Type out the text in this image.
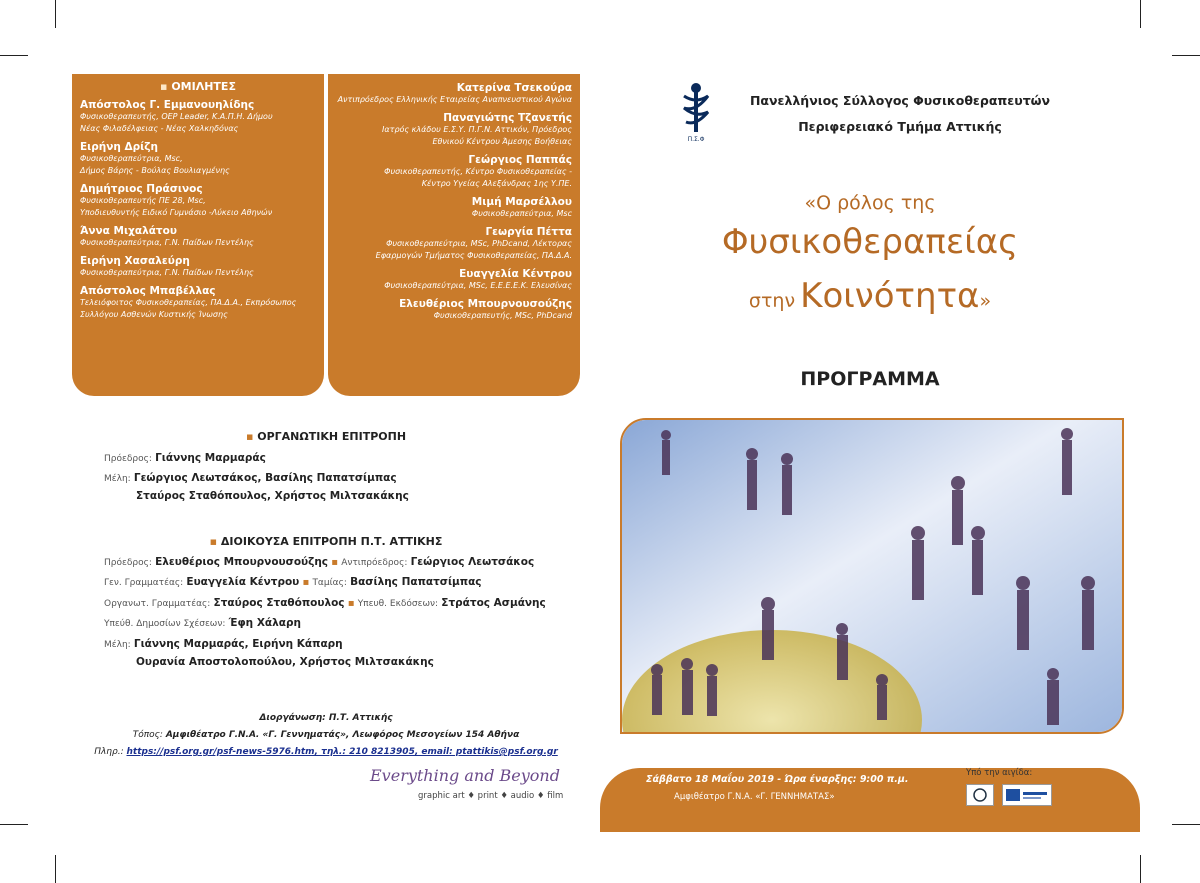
▪ ΟΜΙΛΗΤΕΣ
Απόστολος Γ. Εμμανουηλίδης
Φυσικοθεραπευτής, OEP Leader, Κ.Α.Π.Η. Δήμου
Νέας Φιλαδέλφειας - Νέας Χαλκηδόνας
Ειρήνη Δρίζη
Φυσικοθεραπεύτρια, Msc,
Δήμος Βάρης - Βούλας Βουλιαγμένης
Δημήτριος Πράσινος
Φυσικοθεραπευτής ΠΕ 28, Msc,
Υποδιευθυντής Ειδικό Γυμνάσιο -Λύκειο Αθηνών
Άννα Μιχαλάτου
Φυσικοθεραπεύτρια, Γ.Ν. Παίδων Πεντέλης
Ειρήνη Χασαλεύρη
Φυσικοθεραπεύτρια, Γ.Ν. Παίδων Πεντέλης
Απόστολος Μπαβέλλας
Τελειόφοιτος Φυσικοθεραπείας, ΠΑ.Δ.Α., Εκπρόσωπος
Συλλόγου Ασθενών Κυστικής Ίνωσης
Κατερίνα Τσεκούρα
Αντιπρόεδρος Ελληνικής Εταιρείας Αναπνευστικού Αγώνα
Παναγιώτης Τζανετής
Ιατρός κλάδου Ε.Σ.Υ. Π.Γ.Ν. Αττικόν, Πρόεδρος
Εθνικού Κέντρου Άμεσης Βοήθειας
Γεώργιος Παππάς
Φυσικοθεραπευτής, Κέντρο Φυσικοθεραπείας -
Κέντρο Υγείας Αλεξάνδρας 1ης Υ.ΠΕ.
Μιμή Μαρσέλλου
Φυσικοθεραπεύτρια, Msc
Γεωργία Πέττα
Φυσικοθεραπεύτρια, MSc, PhDcand, Λέκτορας
Εφαρμογών Τμήματος Φυσικοθεραπείας, ΠΑ.Δ.Α.
Ευαγγελία Κέντρου
Φυσικοθεραπεύτρια, MSc, Ε.Ε.Ε.Ε.Κ. Ελευσίνας
Ελευθέριος Μπουρνουσούζης
Φυσικοθεραπευτής, MSc, PhDcand
▪ ΟΡΓΑΝΩΤΙΚΗ ΕΠΙΤΡΟΠΗ
Πρόεδρος: Γιάννης Μαρμαράς
Μέλη: Γεώργιος Λεωτσάκος, Βασίλης Παπατσίμπας
Σταύρος Σταθόπουλος, Χρήστος Μιλτσακάκης
▪ ΔΙΟΙΚΟΥΣΑ ΕΠΙΤΡΟΠΗ Π.Τ. ΑΤΤΙΚΗΣ
Πρόεδρος: Ελευθέριος Μπουρνουσούζης ▪ Αντιπρόεδρος: Γεώργιος Λεωτσάκος
Γεν. Γραμματέας: Ευαγγελία Κέντρου ▪ Ταμίας: Βασίλης Παπατσίμπας
Οργανωτ. Γραμματέας: Σταύρος Σταθόπουλος ▪ Υπευθ. Εκδόσεων: Στράτος Ασμάνης
Υπεύθ. Δημοσίων Σχέσεων: Έφη Χάλαρη
Μέλη: Γιάννης Μαρμαράς, Ειρήνη Κάπαρη
Ουρανία Αποστολοπούλου, Χρήστος Μιλτσακάκης
Διοργάνωση: Π.Τ. Αττικής
Τόπος: Αμφιθέατρο Γ.Ν.Α. «Γ. Γεννηματάς», Λεωφόρος Μεσογείων 154 Αθήνα
Πληρ.: https://psf.org.gr/psf-news-5976.htm, τηλ.: 210 8213905, email: ptattikis@psf.org.gr
Everything and Beyond
graphic art ♦ print ♦ audio ♦ film
Π.Σ.Φ
Πανελλήνιος Σύλλογος Φυσικοθεραπευτών
Περιφερειακό Τμήμα Αττικής
«Ο ρόλος της
Φυσικοθεραπείας
στην Κοινότητα»
ΠΡΟΓΡΑΜΜΑ
Σάββατο 18 Μαΐου 2019 - Ώρα έναρξης: 9:00 π.μ.
Αμφιθέατρο Γ.Ν.Α. «Γ. ΓΕΝΝΗΜΑΤΑΣ»
Υπό την αιγίδα:
